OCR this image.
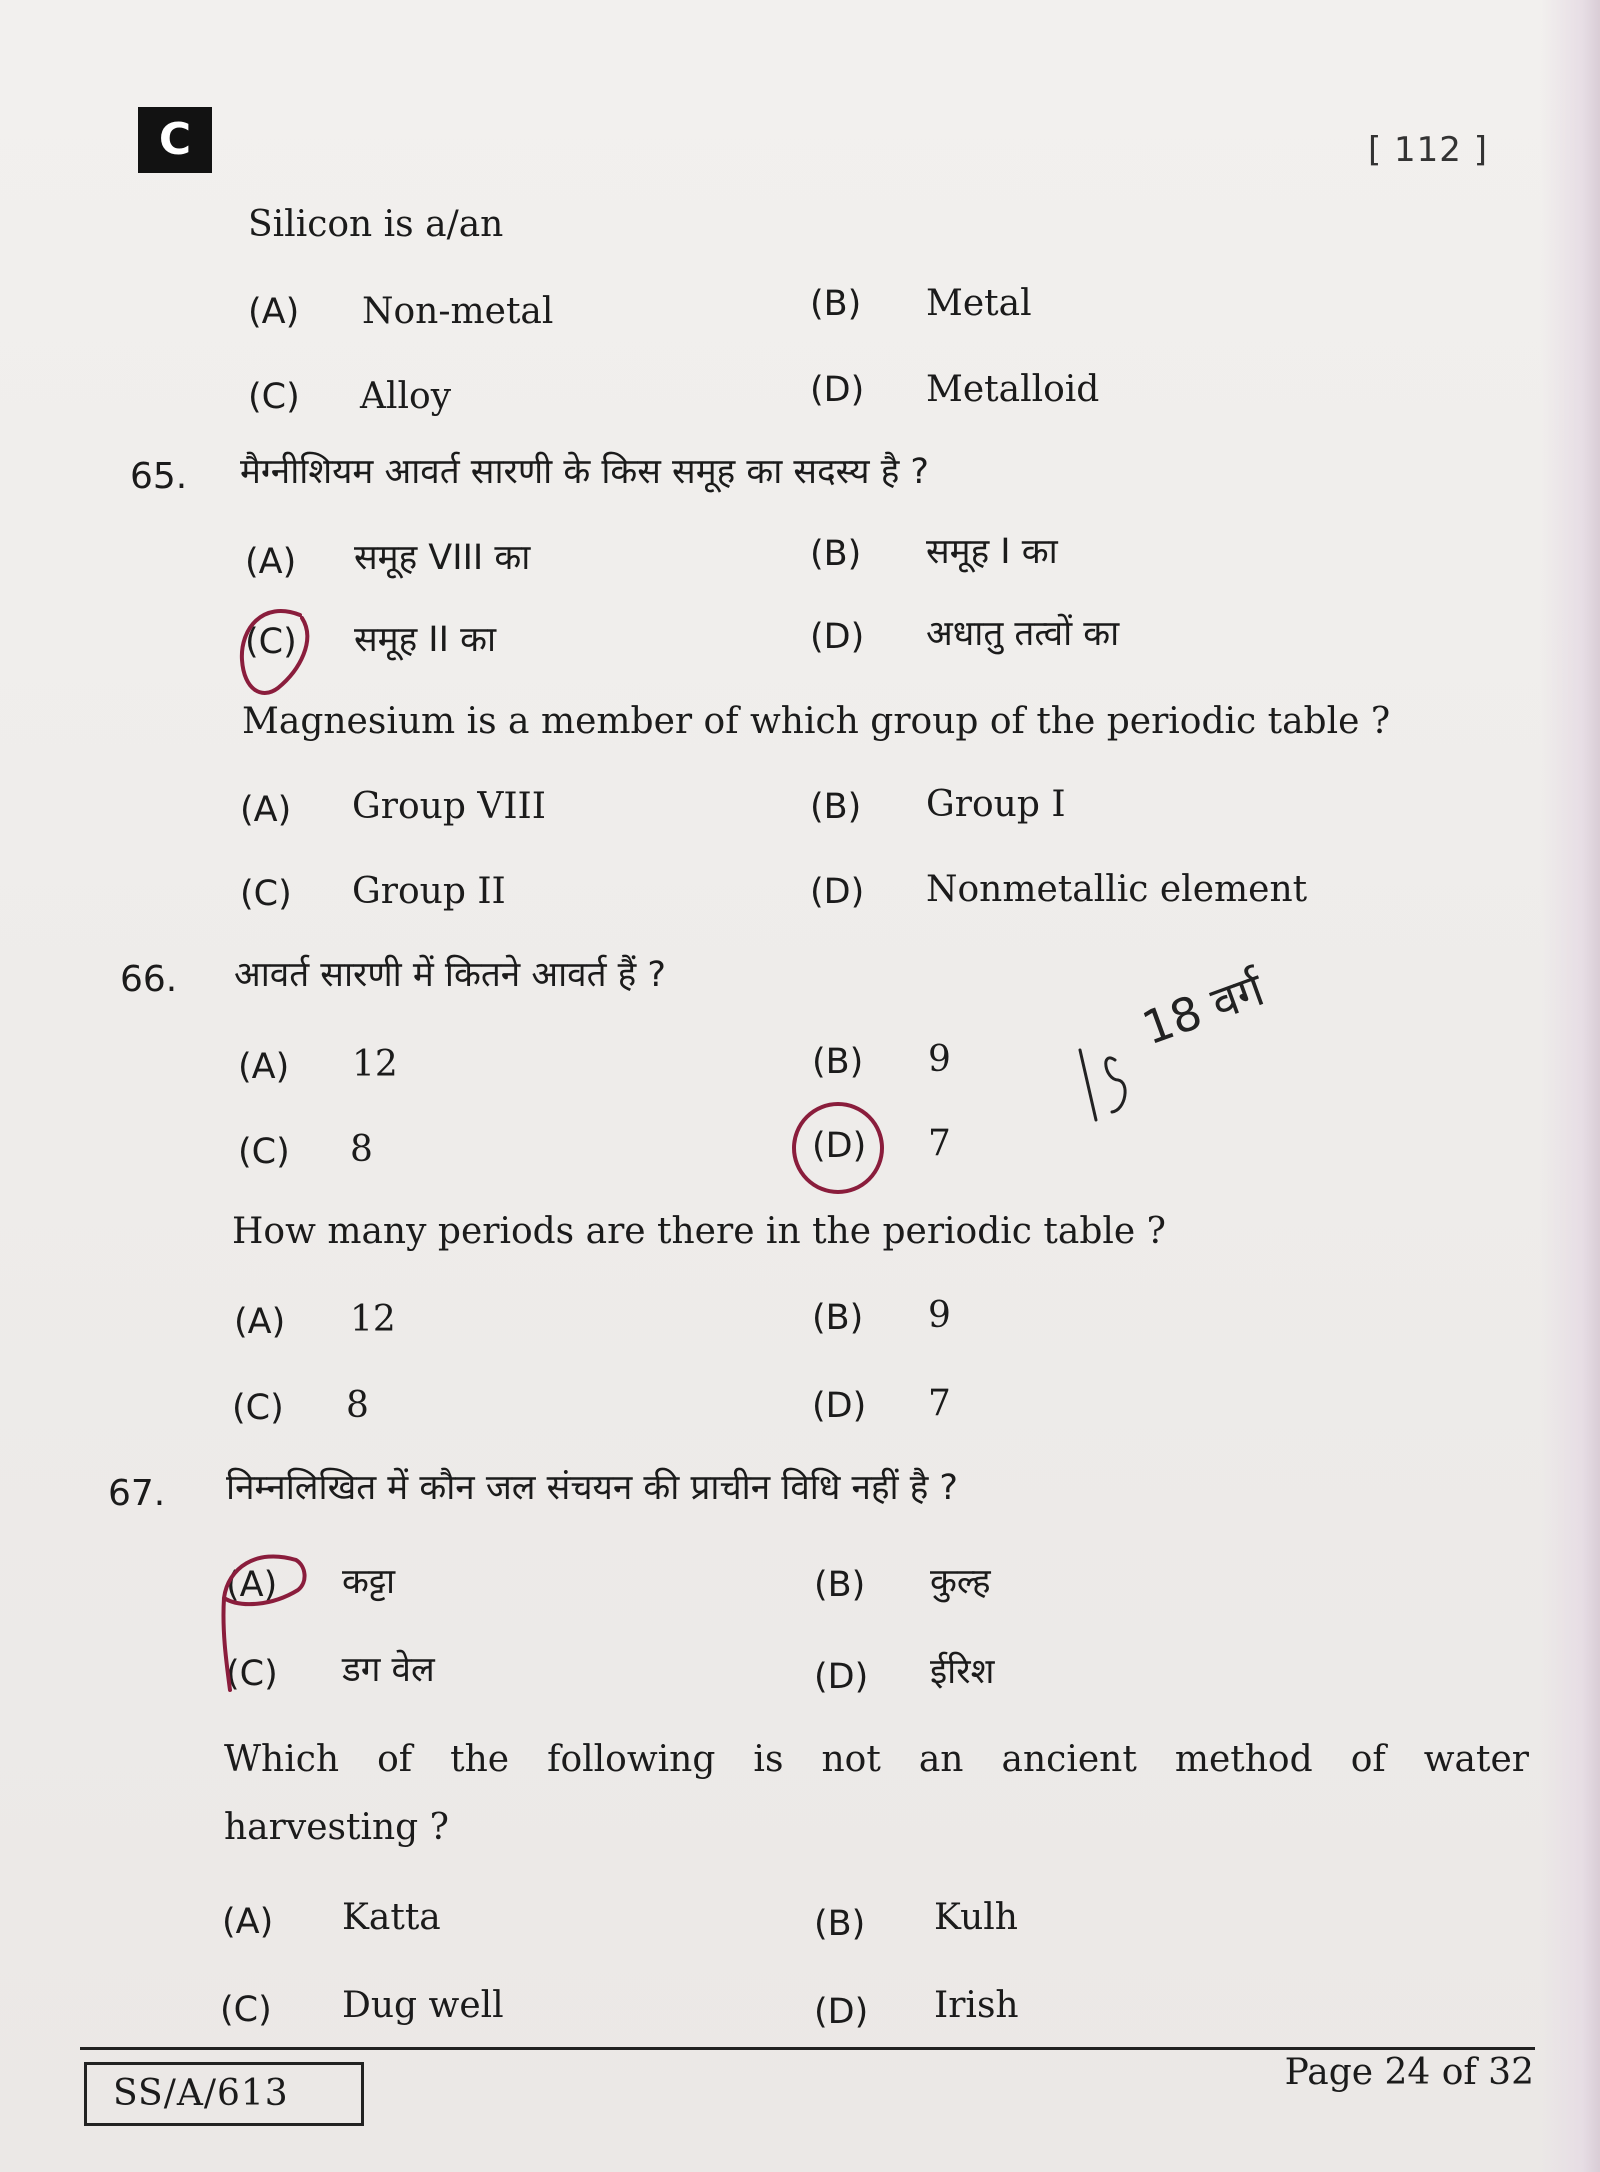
C	[ 112 ]
Silicon is a/an
(A) Non-metal	(B) Metal
(C) Alloy	(D) Metalloid
65. मैग्नीशियम आवर्त सारणी के किस समूह का सदस्य है ?
(A) समूह VIII का	(B) समूह I का
(C) समूह II का	(D) अधातु तत्वों का
Magnesium is a member of which group of the periodic table ?
(A) Group VIII	(B) Group I
(C) Group II	(D) Nonmetallic element
66. आवर्त सारणी में कितने आवर्त हैं ?
(A) 12	(B) 9
(C) 8	(D) 7
How many periods are there in the periodic table ?
(A) 12	(B) 9
(C) 8	(D) 7
67. निम्नलिखित में कौन जल संचयन की प्राचीन विधि नहीं है ?
(A) कट्टा	(B) कुल्ह
(C) डग वेल	(D) ईरिश
Which of the following is not an ancient method of water
harvesting ?
(A) Katta	(B) Kulh
(C) Dug well	(D) Irish
18 वर्ग
SS/A/613
Page 24 of 32
